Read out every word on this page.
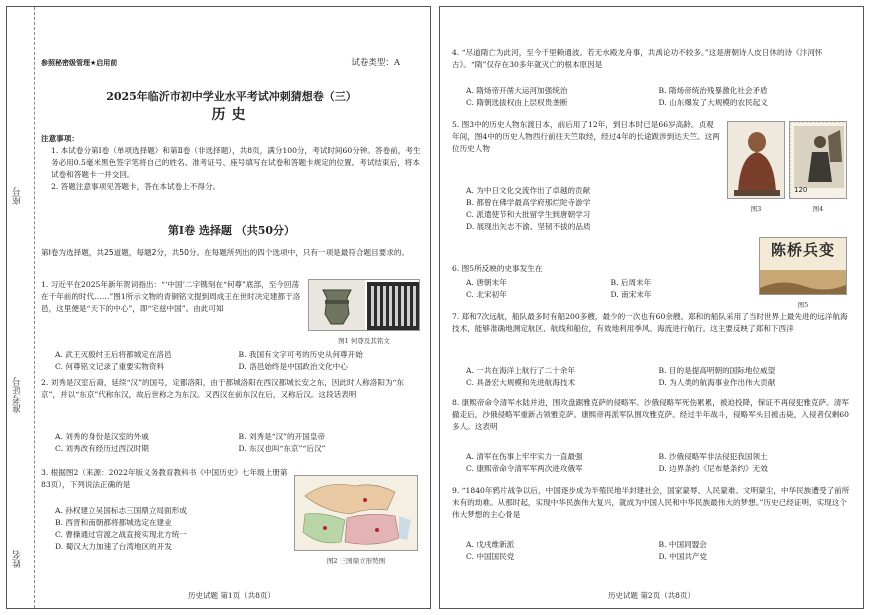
姓名
准考证号
座号
参照秘密级管理★启用前	试卷类型：A
2025年临沂市初中学业水平考试冲刺猜想卷（三）
历史
注意事项：
1. 本试卷分第Ⅰ卷（单项选择题）和第Ⅱ卷（非选择题），共8页，满分100分，考试时间60分钟。答卷前，考生务必用0.5毫米黑色签字笔将自己的姓名、准考证号、座号填写在试卷和答题卡规定的位置。考试结束后，将本试卷和答题卡一并交回。
2. 答题注意事项见答题卡，答在本试卷上不得分。
第Ⅰ卷 选择题 （共50分）
第Ⅰ卷为选择题，共25道题，每题2分，共50分。在每题所列出的四个选项中，只有一项是最符合题目要求的。
1. 习近平在2025年新年贺词指出：“‘中国’二字镌刻在“何尊”底部，至今回荡在千年前的时代……”图1所示文物的青铜铭文提到周成王在世时决定建都于洛邑，这里便是“天下的中心”，即“宅兹中国”。由此可知
图1 何尊及其铭文
A. 武王灭殷纣王后将都城定在洛邑	B. 我国有文字可考的历史从何尊开始
C. 何尊铭文记录了重要实物资料	D. 洛邑始终是中国政治文化中心
2. 刘秀是汉室后裔，延续“汉”的国号，定都洛阳，由于都城洛阳在西汉都城长安之东，因此时人称洛阳为“东京”，并以“东京”代称东汉，故后世称之为东汉。又西汉在前东汉在后，又称后汉。这段话表明
A. 刘秀的身份是汉室的外戚	B. 刘秀是“汉”的开国皇帝
C. 刘秀改有经历过西汉时期	D. 东汉也叫“东京”“后汉”
3. 根据图2（来源：2022年版义务教育教科书《中国历史》七年级上册第83页），下列说法正确的是
图2 三国鼎立形势图
A. 孙权建立吴国标志三国鼎立局面形成
B. 西晋和南朝都将都城选定在建业
C. 曹操通过官渡之战直接实现北方统一
D. 蜀汉大力加速了台湾地区的开发
历史试题 第1页（共8页）
4. “尽道隋亡为此河，至今千里赖通波。若无水殿龙舟事，共禹论功不较多。”这是唐朝诗人皮日休的诗《汴河怀古》。“隋”仅存在30多年就灭亡的根本原因是
A. 隋炀帝开凿大运河加强统治	B. 隋炀帝统治残暴激化社会矛盾
C. 隋朝选拔权由上层权贵垄断	D. 山东爆发了大规模的农民起义
5. 图3中的历史人物东渡日本，前后用了12年，到日本时已是66岁高龄。贞观年间，图4中的历史人物西行前往天竺取经，经过4年的长途跋涉到达天竺。这两位历史人物
120
图3	图4
A. 为中日文化交流作出了卓越的贡献
B. 都曾在佛学最高学府那烂陀寺游学
C. 派遣使节和大批留学生到唐朝学习
D. 展现出矢志不渝、坚韧不拔的品质
6. 图5所反映的史事发生在
陈桥兵变
图5
A. 唐朝末年	B. 后周末年
C. 北宋初年	D. 南宋末年
7. 郑和7次远航，船队最多时有船200多艘，最少的一次也有60余艘。郑和的船队采用了当时世界上最先进的远洋航海技术，能够准确地测定航区、航线和船位，有效地利用季风、海流进行航行。这主要反映了郑和下西洋
A. 一共在海洋上航行了二十余年	B. 目的是提高明朝的国际地位威望
C. 具备宏大规模和先进航海技术	D. 为人类的航海事业作出伟大贡献
8. 康熙帝命令清军水陆并进，围攻盘踞雅克萨的侵略军。沙俄侵略军死伤累累，被迫投降，保证不再侵犯雅克萨。清军撤走后，沙俄侵略军重新占领雅克萨。康熙帝再派军队围攻雅克萨。经过半年战斗，侵略军头目被击毙，入侵者仅剩60多人。这表明
A. 清军在伤事上牢牢实力一直最强	B. 沙俄侵略军非法侵犯我国领土
C. 康熙帝命令清军军两次进攻俄军	D. 边界条约《尼布楚条约》无效
9. “1840年鸦片战争以后，中国逐步成为半殖民地半封建社会，国家蒙辱、人民蒙难、文明蒙尘，中华民族遭受了前所未有的劫难。从那时起，实现中华民族伟大复兴，就成为中国人民和中华民族最伟大的梦想。”历史已经证明，实现这个伟大梦想的主心骨是
A. 戊戌维新派	B. 中国同盟会
C. 中国国民党	D. 中国共产党
历史试题 第2页（共8页）
